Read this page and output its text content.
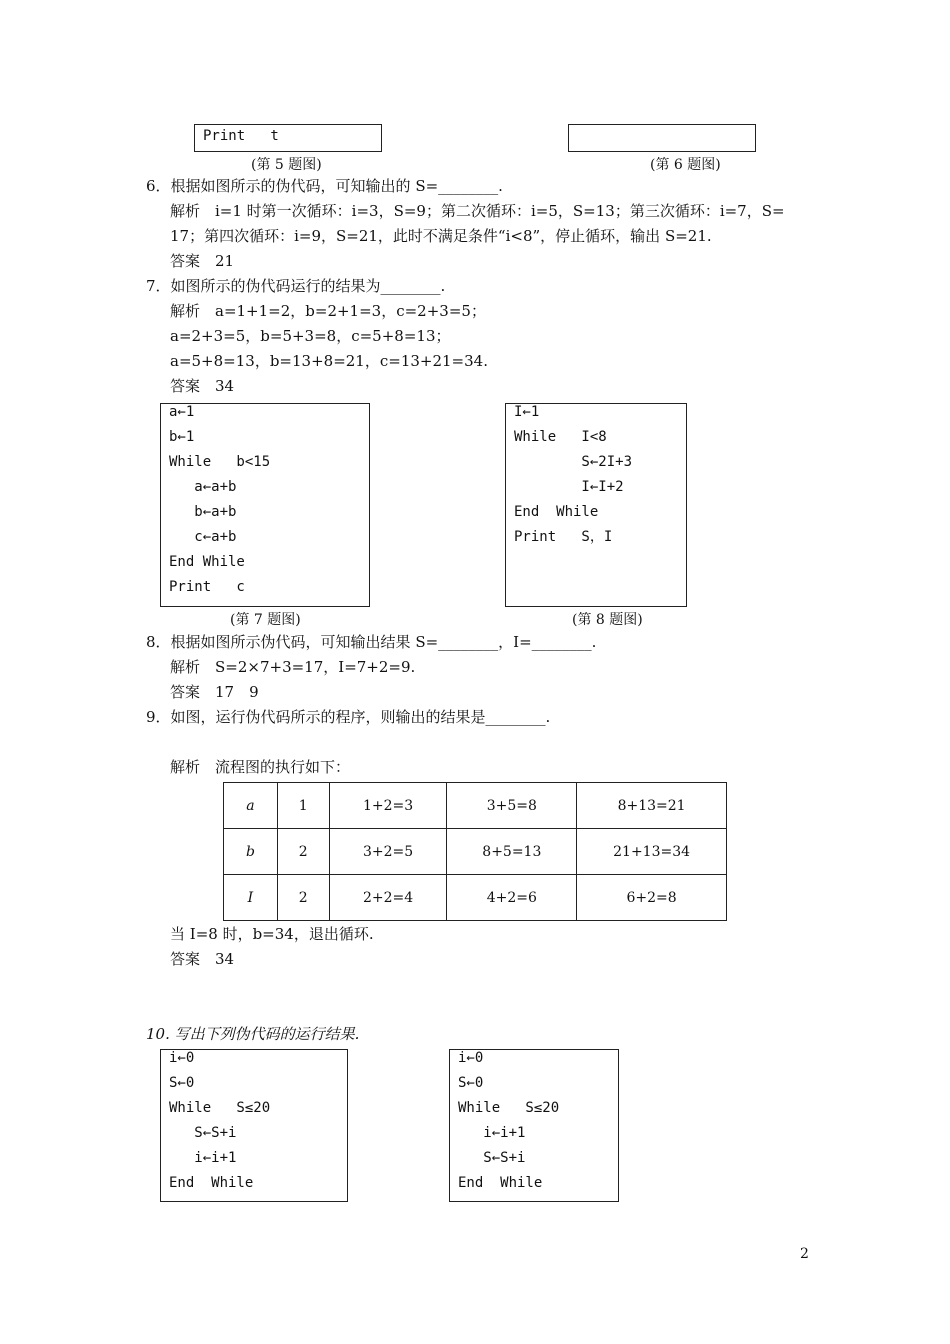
Print   t
(第 5 题图)	(第 6 题图)
6．根据如图所示的伪代码，可知输出的 S=________.
解析　i=1 时第一次循环：i=3，S=9；第二次循环：i=5，S=13；第三次循环：i=7，S=
17；第四次循环：i=9，S=21，此时不满足条件“i<8”，停止循环，输出 S=21.
答案　21
7．如图所示的伪代码运行的结果为________.
解析　a=1+1=2，b=2+1=3，c=2+3=5；
a=2+3=5，b=5+3=8，c=5+8=13；
a=5+8=13，b=13+8=21，c=13+21=34.
答案　34
a←1
b←1
While   b<15
a←a+b
b←a+b
c←a+b
End While
Print   c
(第 7 题图)
I←1
While   I<8
S←2I+3
I←I+2
End  While
Print   S，I
(第 8 题图)
8．根据如图所示伪代码，可知输出结果 S=________，I=________.
解析　S=2×7+3=17，I=7+2=9.
答案　17　9
9．如图，运行伪代码所示的程序，则输出的结果是________.
解析　流程图的执行如下：
a	1	1+2=3	3+5=8	8+13=21
b	2	3+2=5	8+5=13	21+13=34
I	2	2+2=4	4+2=6	6+2=8
当 I=8 时，b=34，退出循环.
答案　34
10. 写出下列伪代码的运行结果.
i←0
S←0
While   S≤20
S←S+i
i←i+1
End  While
i←0
S←0
While   S≤20
i←i+1
S←S+i
End  While
2
